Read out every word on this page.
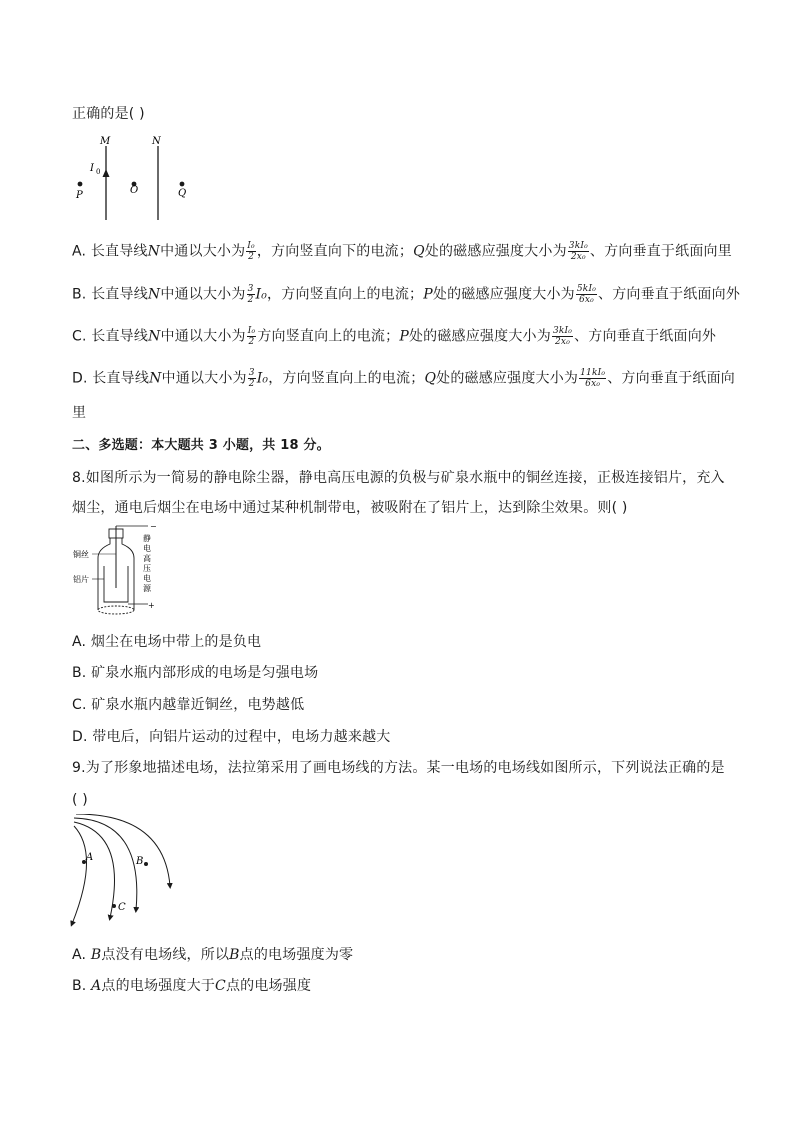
正确的是( )
M	N
I 0
P	O	Q
A. 长直导线N中通以大小为 $\frac{\text{I₀}}{2}$ ，方向竖直向下的电流；Q处的磁感应强度大小为 $\frac{\text{3kI₀}}{\text{2x₀}}$ 、方向垂直于纸面向里
B. 长直导线N中通以大小为 $\frac{3}{2} I_0$，方向竖直向上的电流；P处的磁感应强度大小为 $\frac{\text{5kI₀}}{\text{6x₀}}$ 、方向垂直于纸面向外
C. 长直导线N中通以大小为 $\frac{\text{I₀}}{2}$ 方向竖直向上的电流；P处的磁感应强度大小为 $\frac{\text{3kI₀}}{\text{2x₀}}$ 、方向垂直于纸面向外
D. 长直导线N中通以大小为 $\frac{3}{2} I_0$，方向竖直向上的电流；Q处的磁感应强度大小为 $\frac{\text{11kI₀}}{\text{6x₀}}$ 、方向垂直于纸面向
里
二、多选题：本大题共 3 小题，共 18 分。
8.如图所示为一简易的静电除尘器，静电高压电源的负极与矿泉水瓶中的铜丝连接，正极连接铝片，充入
烟尘，通电后烟尘在电场中通过某种机制带电，被吸附在了铝片上，达到除尘效果。则( )
铜丝
铝片
−
+
静
电
高
压
电
源
A. 烟尘在电场中带上的是负电
B. 矿泉水瓶内部形成的电场是匀强电场
C. 矿泉水瓶内越靠近铜丝，电势越低
D. 带电后，向铝片运动的过程中，电场力越来越大
9.为了形象地描述电场，法拉第采用了画电场线的方法。某一电场的电场线如图所示，下列说法正确的是
( )
A	B
C
A. B点没有电场线，所以B点的电场强度为零
B. A点的电场强度大于C点的电场强度
